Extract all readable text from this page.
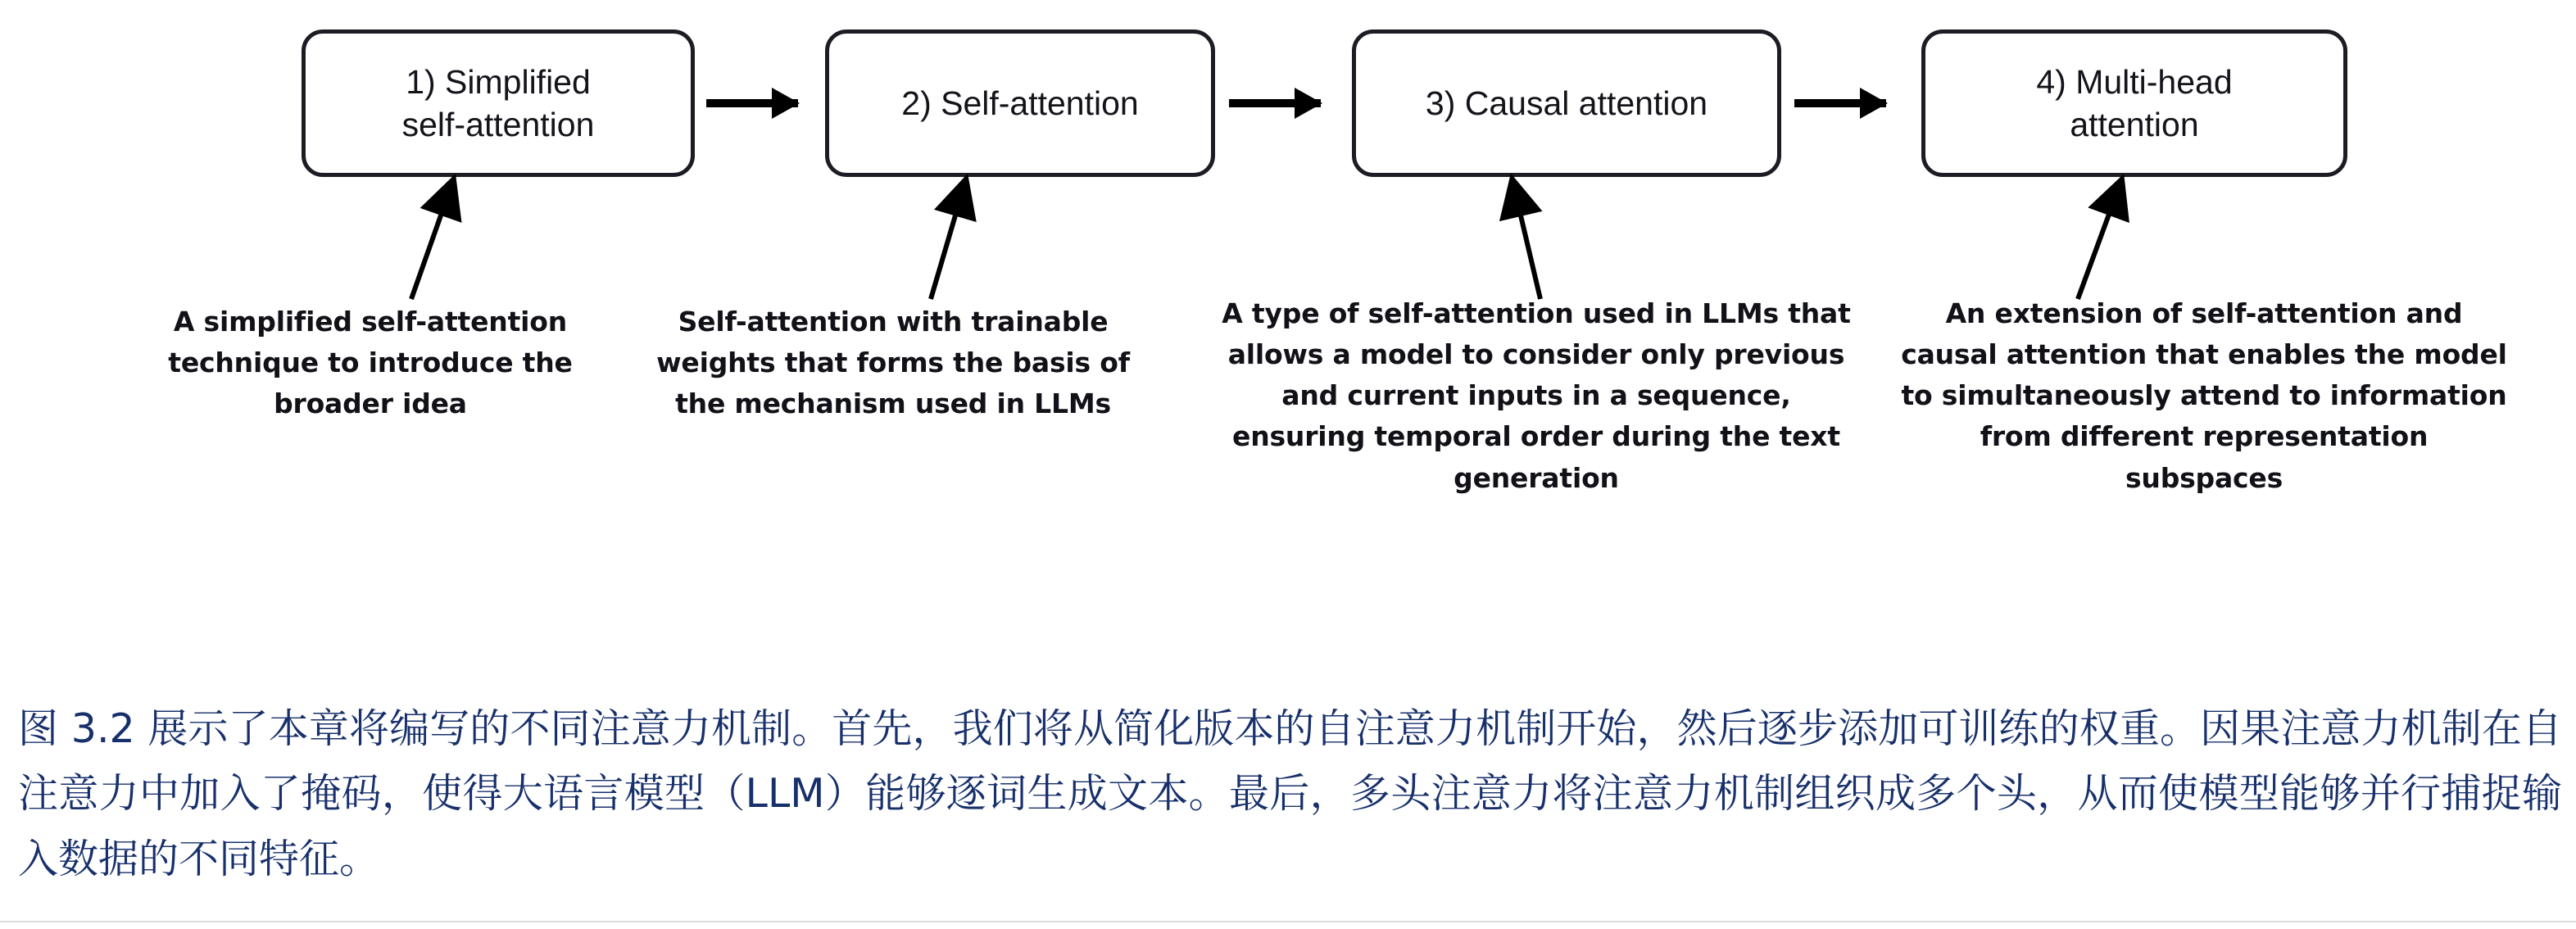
1) Simplified
self-attention
2) Self-attention	3) Causal attention
4) Multi-head
attention
A simplified self-attention technique to introduce the broader idea
Self-attention with trainable weights that forms the basis of the mechanism used in LLMs
A type of self-attention used in LLMs that allows a model to consider only previous and current inputs in a sequence, ensuring temporal order during the text generation
An extension of self-attention and causal attention that enables the model to simultaneously attend to information from different representation subspaces

图 3.2 展示了本章将编写的不同注意力机制。首先，我们将从简化版本的自注意力机制开始，然后逐步添加可训练的权重。因果注意力机制在自注意力中加入了掩码，使得大语言模型（LLM）能够逐词生成文本。最后，多头注意力将注意力机制组织成多个头，从而使模型能够并行捕捉输入数据的不同特征。
